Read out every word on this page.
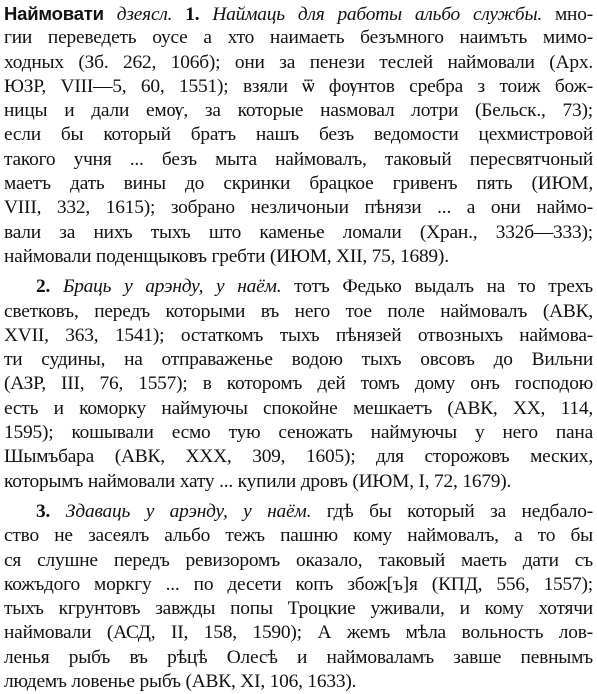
Наймовати дзеясл. 1. Наймаць для работы альбо службы. мно-
гии переведеть оусе а хто наимаеть безъмного наимъть мимо-
ходных (Зб. 262, 106б); они за пенези теслей наймовали (Арх.
ЮЗР, VIII—5, 60, 1551); взяли ѿ фѹнтов сребра з тоиж бож-
ницы и дали емѹ, за которые наѕмовал лотри (Бельск., 73);
если бы который братъ нашъ безъ ведомости цехмистровой
такого учня ... безъ мыта наймовалъ, таковый пересвятчоный
маетъ дать вины до скринки брацкое гривенъ пять (ИЮМ,
VIII, 332, 1615); зобрано незличоныи пѣнязи ... а они наймо-
вали за нихъ тыхъ што каменье ломали (Хран., 332б—333);
наймовали поденщыковъ гребти (ИЮМ, XII, 75, 1689).
2. Браць у арэнду, у наём. тотъ Федько выдалъ на то трехъ
светковъ, передъ которыми въ него тое поле наймовалъ (АВК,
XVII, 363, 1541); остаткомъ тыхъ пѣнязей отвозныхъ наймова-
ти судины, на отправаженье водою тыхъ овсовъ до Вильни
(АЗР, III, 76, 1557); в которомъ дей томъ дому онъ господою
есть и коморку наймуючы спокойне мешкаетъ (АВК, XX, 114,
1595); кошывали есмо тую сеножать наймуючы у него пана
Шымъбара (АВК, XXX, 309, 1605); для сторожовъ меских,
которымъ наймовали хату ... купили дровъ (ИЮМ, I, 72, 1679).
3. Здаваць у арэнду, у наём. гдѣ бы который за недбало-
ство не засеялъ альбо тежъ пашню кому наймовалъ, а то бы
ся слушне передъ ревизоромъ оказало, таковый маеть дати съ
кожъдого моркгу ... по десети копъ збож[ъ]я (КПД, 556, 1557);
тыхъ кгрунтовъ завжды попы Троцкие уживали, и кому хотячи
наймовали (АСД, II, 158, 1590); А жемъ мѣла вольность лов-
ленья рыбъ въ рѣцѣ Олесѣ и наймоваламъ завше певнымъ
людемъ ловенье рыбъ (АВК, XI, 106, 1633).
